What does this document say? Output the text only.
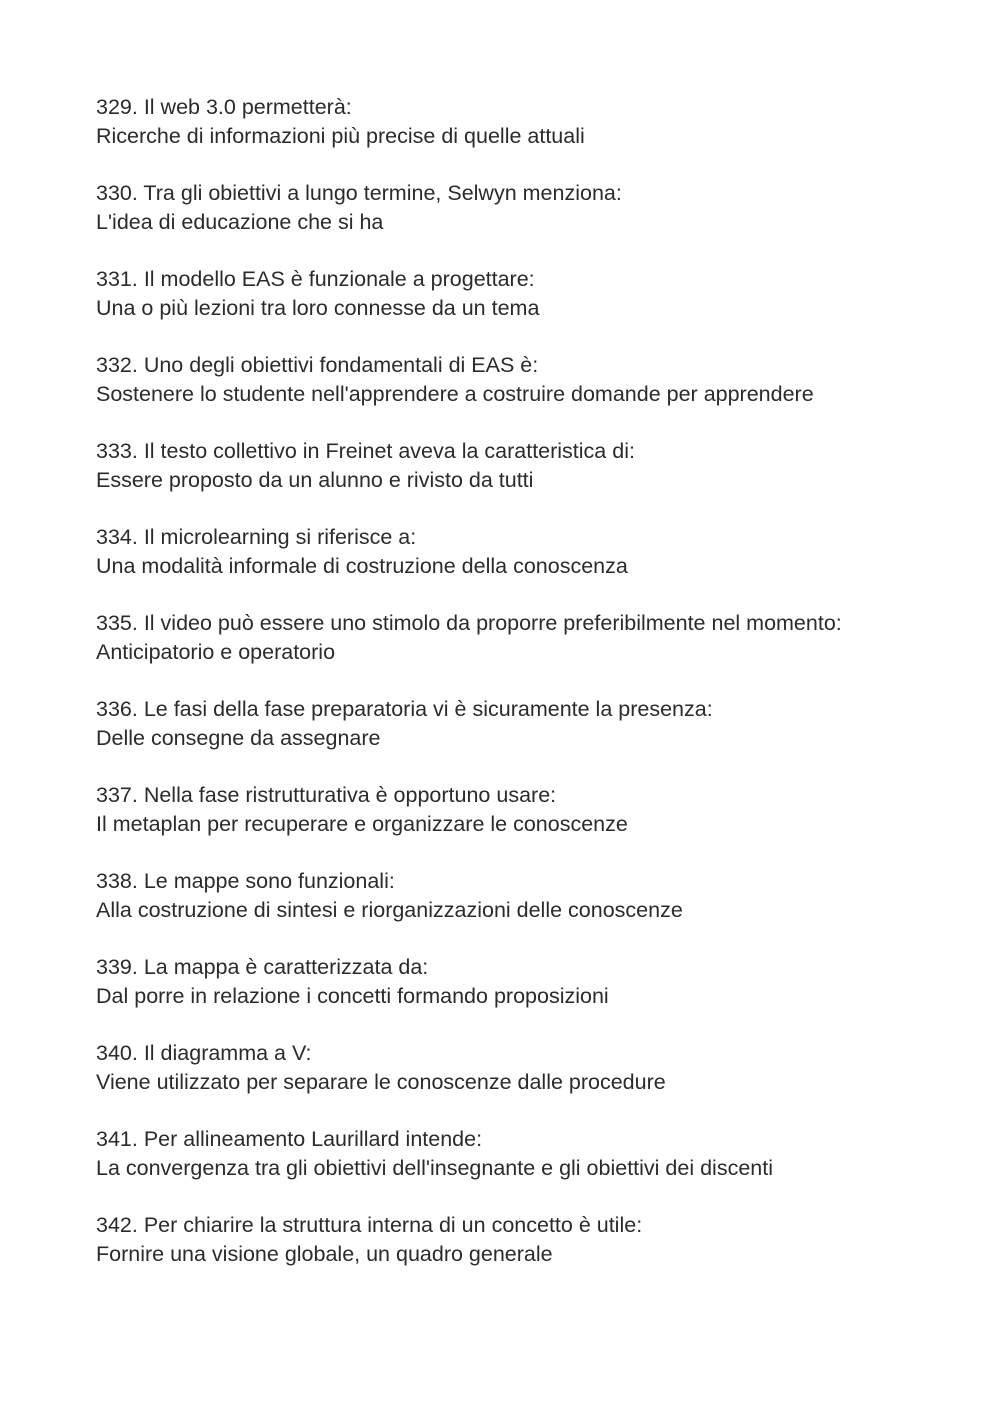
329. Il web 3.0 permetterà:
Ricerche di informazioni più precise di quelle attuali
330. Tra gli obiettivi a lungo termine, Selwyn menziona:
L'idea di educazione che si ha
331. Il modello EAS è funzionale a progettare:
Una o più lezioni tra loro connesse da un tema
332. Uno degli obiettivi fondamentali di EAS è:
Sostenere lo studente nell'apprendere a costruire domande per apprendere
333. Il testo collettivo in Freinet aveva la caratteristica di:
Essere proposto da un alunno e rivisto da tutti
334. Il microlearning si riferisce a:
Una modalità informale di costruzione della conoscenza
335. Il video può essere uno stimolo da proporre preferibilmente nel momento:
Anticipatorio e operatorio
336. Le fasi della fase preparatoria vi è sicuramente la presenza:
Delle consegne da assegnare
337. Nella fase ristrutturativa è opportuno usare:
Il metaplan per recuperare e organizzare le conoscenze
338. Le mappe sono funzionali:
Alla costruzione di sintesi e riorganizzazioni delle conoscenze
339. La mappa è caratterizzata da:
Dal porre in relazione i concetti formando proposizioni
340. Il diagramma a V:
Viene utilizzato per separare le conoscenze dalle procedure
341. Per allineamento Laurillard intende:
La convergenza tra gli obiettivi dell'insegnante e gli obiettivi dei discenti
342. Per chiarire la struttura interna di un concetto è utile:
Fornire una visione globale, un quadro generale
